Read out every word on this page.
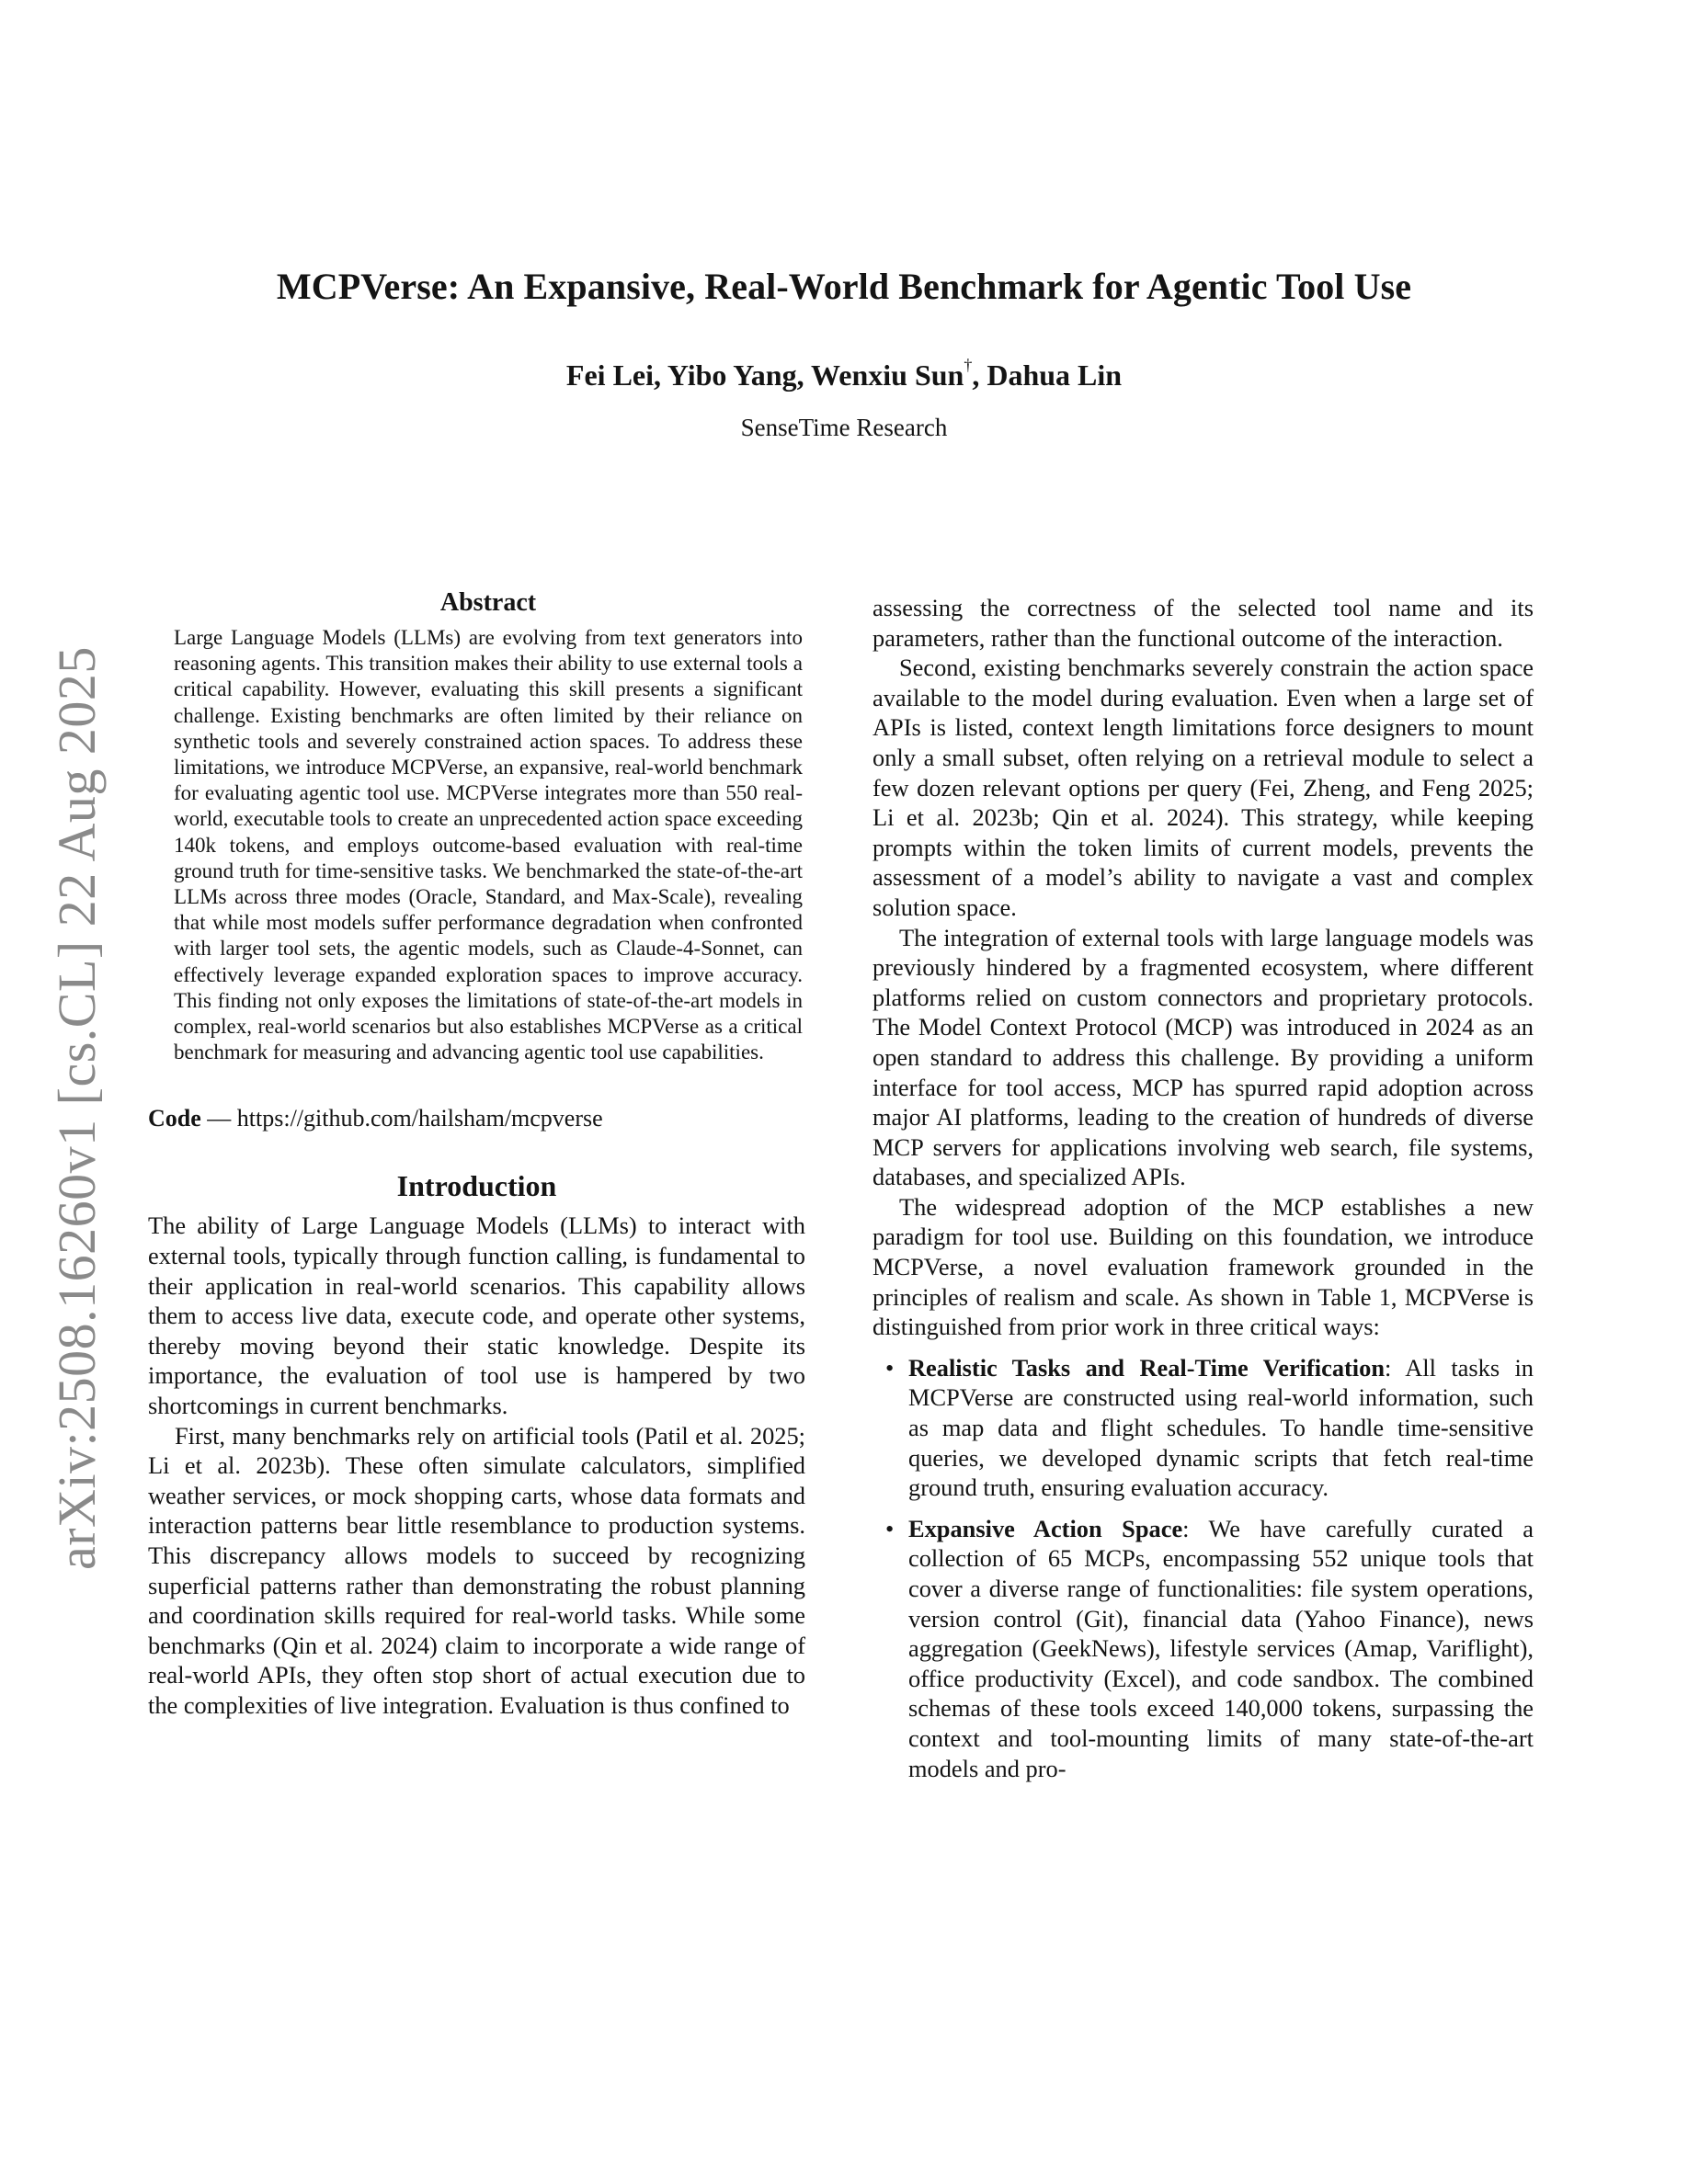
arXiv:2508.16260v1 [cs.CL] 22 Aug 2025
MCPVerse: An Expansive, Real-World Benchmark for Agentic Tool Use
Fei Lei, Yibo Yang, Wenxiu Sun†, Dahua Lin
SenseTime Research
Abstract

Large Language Models (LLMs) are evolving from text generators into reasoning agents. This transition makes their ability to use external tools a critical capability. However, evaluating this skill presents a significant challenge. Existing benchmarks are often limited by their reliance on synthetic tools and severely constrained action spaces. To address these limitations, we introduce MCPVerse, an expansive, real-world benchmark for evaluating agentic tool use. MCPVerse integrates more than 550 real-world, executable tools to create an unprecedented action space exceeding 140k tokens, and employs outcome-based evaluation with real-time ground truth for time-sensitive tasks. We benchmarked the state-of-the-art LLMs across three modes (Oracle, Standard, and Max-Scale), revealing that while most models suffer performance degradation when confronted with larger tool sets, the agentic models, such as Claude-4-Sonnet, can effectively leverage expanded exploration spaces to improve accuracy. This finding not only exposes the limitations of state-of-the-art models in complex, real-world scenarios but also establishes MCPVerse as a critical benchmark for measuring and advancing agentic tool use capabilities.

Code — https://github.com/hailsham/mcpverse
Introduction

The ability of Large Language Models (LLMs) to interact with external tools, typically through function calling, is fundamental to their application in real-world scenarios. This capability allows them to access live data, execute code, and operate other systems, thereby moving beyond their static knowledge. Despite its importance, the evaluation of tool use is hampered by two shortcomings in current benchmarks.

First, many benchmarks rely on artificial tools (Patil et al. 2025; Li et al. 2023b). These often simulate calculators, simplified weather services, or mock shopping carts, whose data formats and interaction patterns bear little resemblance to production systems. This discrepancy allows models to succeed by recognizing superficial patterns rather than demonstrating the robust planning and coordination skills required for real-world tasks. While some benchmarks (Qin et al. 2024) claim to incorporate a wide range of real-world APIs, they often stop short of actual execution due to the complexities of live integration. Evaluation is thus confined to

assessing the correctness of the selected tool name and its parameters, rather than the functional outcome of the interaction.

Second, existing benchmarks severely constrain the action space available to the model during evaluation. Even when a large set of APIs is listed, context length limitations force designers to mount only a small subset, often relying on a retrieval module to select a few dozen relevant options per query (Fei, Zheng, and Feng 2025; Li et al. 2023b; Qin et al. 2024). This strategy, while keeping prompts within the token limits of current models, prevents the assessment of a model’s ability to navigate a vast and complex solution space.

The integration of external tools with large language models was previously hindered by a fragmented ecosystem, where different platforms relied on custom connectors and proprietary protocols. The Model Context Protocol (MCP) was introduced in 2024 as an open standard to address this challenge. By providing a uniform interface for tool access, MCP has spurred rapid adoption across major AI platforms, leading to the creation of hundreds of diverse MCP servers for applications involving web search, file systems, databases, and specialized APIs.

The widespread adoption of the MCP establishes a new paradigm for tool use. Building on this foundation, we introduce MCPVerse, a novel evaluation framework grounded in the principles of realism and scale. As shown in Table 1, MCPVerse is distinguished from prior work in three critical ways:

• Realistic Tasks and Real-Time Verification: All tasks in MCPVerse are constructed using real-world information, such as map data and flight schedules. To handle time-sensitive queries, we developed dynamic scripts that fetch real-time ground truth, ensuring evaluation accuracy.
• Expansive Action Space: We have carefully curated a collection of 65 MCPs, encompassing 552 unique tools that cover a diverse range of functionalities: file system operations, version control (Git), financial data (Yahoo Finance), news aggregation (GeekNews), lifestyle services (Amap, Variflight), office productivity (Excel), and code sandbox. The combined schemas of these tools exceed 140,000 tokens, surpassing the context and tool-mounting limits of many state-of-the-art models and pro-
